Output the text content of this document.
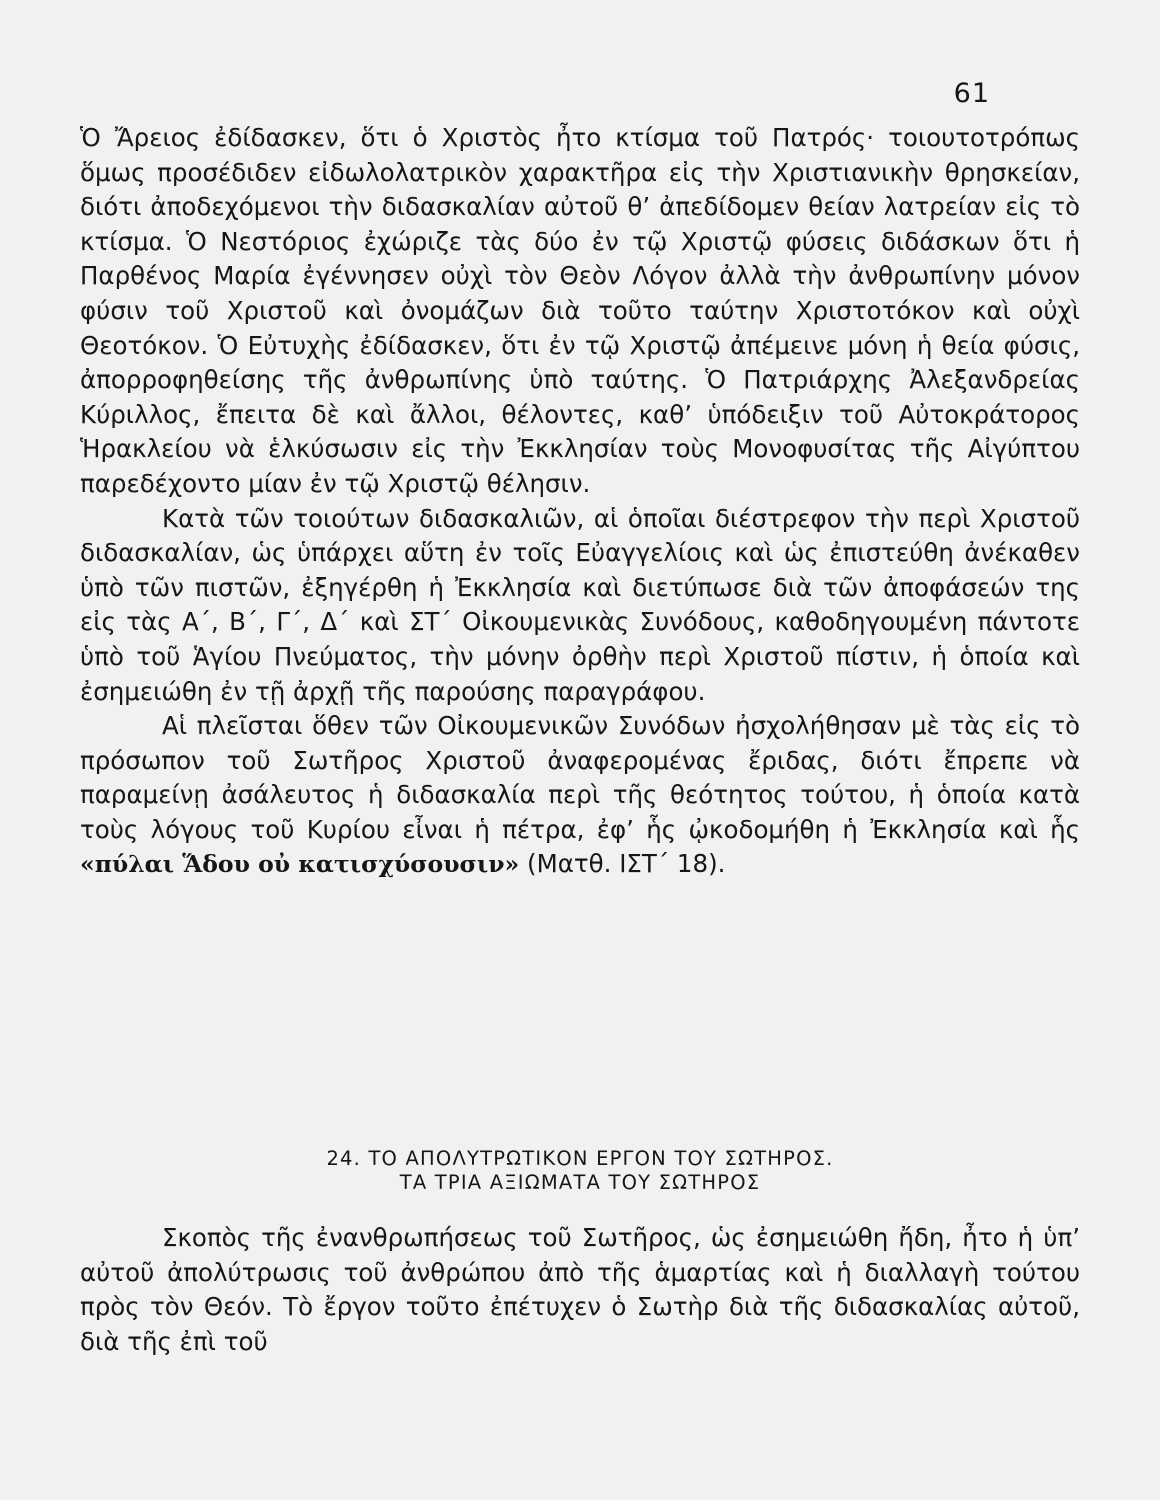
61

Ὁ Ἄρειος ἐδίδασκεν, ὅτι ὁ Χριστὸς ἦτο κτίσμα τοῦ Πατρός· τοιουτοτρόπως ὅμως προσέδιδεν εἰδωλολατρικὸν χαρακτῆρα εἰς τὴν Χριστιανικὴν θρησκείαν, διότι ἀποδεχόμενοι τὴν διδασκαλίαν αὐτοῦ θ’ ἀπεδίδομεν θείαν λατρείαν εἰς τὸ κτίσμα. Ὁ Νεστόριος ἐχώριζε τὰς δύο ἐν τῷ Χριστῷ φύσεις διδάσκων ὅτι ἡ Παρθένος Μαρία ἐγέννησεν οὐχὶ τὸν Θεὸν Λόγον ἀλλὰ τὴν ἀνθρωπίνην μόνον φύσιν τοῦ Χριστοῦ καὶ ὀνομάζων διὰ τοῦτο ταύτην Χριστοτόκον καὶ οὐχὶ Θεοτόκον. Ὁ Εὐτυχὴς ἐδίδασκεν, ὅτι ἐν τῷ Χριστῷ ἀπέμεινε μόνη ἡ θεία φύσις, ἀπορροφηθείσης τῆς ἀνθρωπίνης ὑπὸ ταύτης. Ὁ Πατριάρχης Ἀλεξανδρείας Κύριλλος, ἔπειτα δὲ καὶ ἄλλοι, θέλοντες, καθ’ ὑπόδειξιν τοῦ Αὐτοκράτορος Ἡρακλείου νὰ ἑλκύσωσιν εἰς τὴν Ἐκκλησίαν τοὺς Μονοφυσίτας τῆς Αἰγύπτου παρεδέχοντο μίαν ἐν τῷ Χριστῷ θέλησιν.

Κατὰ τῶν τοιούτων διδασκαλιῶν, αἱ ὁποῖαι διέστρεφον τὴν περὶ Χριστοῦ διδασκαλίαν, ὡς ὑπάρχει αὕτη ἐν τοῖς Εὐαγγελίοις καὶ ὡς ἐπιστεύθη ἀνέκαθεν ὑπὸ τῶν πιστῶν, ἐξηγέρθη ἡ Ἐκκλησία καὶ διετύπωσε διὰ τῶν ἀποφάσεών της εἰς τὰς Α΄, Β΄, Γ΄, Δ΄ καὶ ΣΤ΄ Οἰκουμενικὰς Συνόδους, καθοδηγουμένη πάντοτε ὑπὸ τοῦ Ἁγίου Πνεύματος, τὴν μόνην ὀρθὴν περὶ Χριστοῦ πίστιν, ἡ ὁποία καὶ ἐσημειώθη ἐν τῇ ἀρχῇ τῆς παρούσης παραγράφου.

Αἱ πλεῖσται ὅθεν τῶν Οἰκουμενικῶν Συνόδων ἠσχολήθησαν μὲ τὰς εἰς τὸ πρόσωπον τοῦ Σωτῆρος Χριστοῦ ἀναφερομένας ἔριδας, διότι ἔπρεπε νὰ παραμείνῃ ἀσάλευτος ἡ διδασκαλία περὶ τῆς θεότητος τούτου, ἡ ὁποία κατὰ τοὺς λόγους τοῦ Κυρίου εἶναι ἡ πέτρα, ἐφ’ ἧς ᾠκοδομήθη ἡ Ἐκκλησία καὶ ἧς «πύλαι Ἅδου οὐ κατισχύσουσιν» (Ματθ. ΙΣΤ΄ 18).

24. ΤΟ ΑΠΟΛΥΤΡΩΤΙΚΟΝ ΕΡΓΟΝ ΤΟΥ ΣΩΤΗΡΟΣ.
ΤΑ ΤΡΙΑ ΑΞΙΩΜΑΤΑ ΤΟΥ ΣΩΤΗΡΟΣ

Σκοπὸς τῆς ἐνανθρωπήσεως τοῦ Σωτῆρος, ὡς ἐσημειώθη ἤδη, ἦτο ἡ ὑπ’ αὐτοῦ ἀπολύτρωσις τοῦ ἀνθρώπου ἀπὸ τῆς ἁμαρτίας καὶ ἡ διαλλαγὴ τούτου πρὸς τὸν Θεόν. Τὸ ἔργον τοῦτο ἐπέτυχεν ὁ Σωτὴρ διὰ τῆς διδασκαλίας αὐτοῦ, διὰ τῆς ἐπὶ τοῦ
